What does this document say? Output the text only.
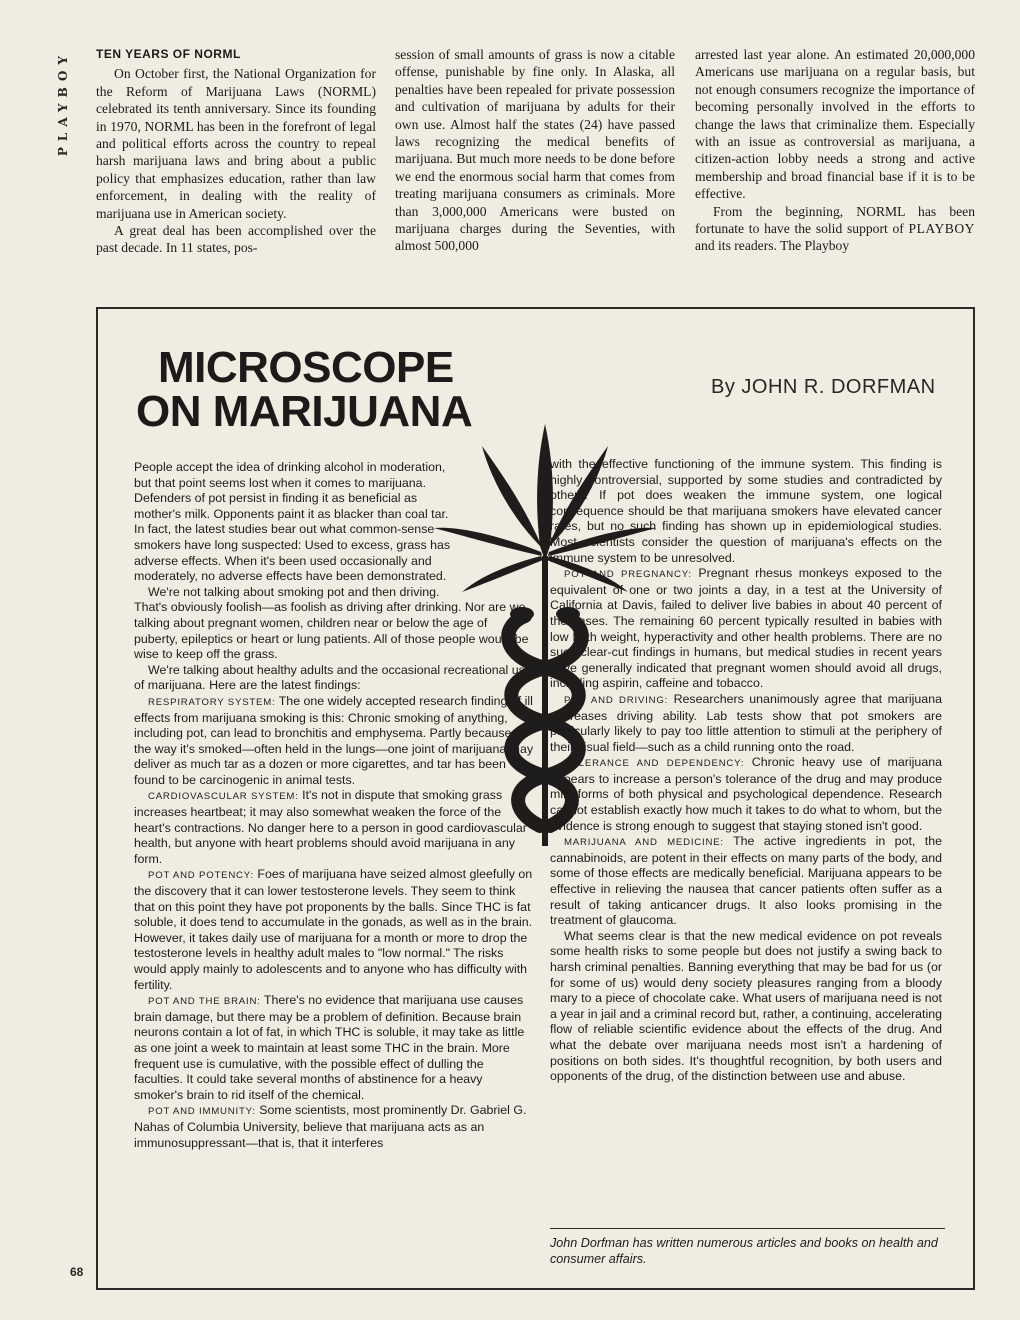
PLAYBOY TEN YEARS OF NORML

On October first, the National Organization for the Reform of Marijuana Laws (NORML) celebrated its tenth anniversary. Since its founding in 1970, NORML has been in the forefront of legal and political efforts across the country to repeal harsh marijuana laws and bring about a public policy that emphasizes education, rather than law enforcement, in dealing with the reality of marijuana use in American society.

A great deal has been accomplished over the past decade. In 11 states, pos-

session of small amounts of grass is now a citable offense, punishable by fine only. In Alaska, all penalties have been repealed for private possession and cultivation of marijuana by adults for their own use. Almost half the states (24) have passed laws recognizing the medical benefits of marijuana. But much more needs to be done before we end the enormous social harm that comes from treating marijuana consumers as criminals. More than 3,000,000 Americans were busted on marijuana charges during the Seventies, with almost 500,000

arrested last year alone. An estimated 20,000,000 Americans use marijuana on a regular basis, but not enough consumers recognize the importance of becoming personally involved in the efforts to change the laws that criminalize them. Especially with an issue as controversial as marijuana, a citizen-action lobby needs a strong and active membership and broad financial base if it is to be effective.

From the beginning, NORML has been fortunate to have the solid support of PLAYBOY and its readers. The Playboy

MICROSCOPE
ON MARIJUANA	By JOHN R. DORFMAN

People accept the idea of drinking alcohol in moderation, but that point seems lost when it comes to marijuana. Defenders of pot persist in finding it as beneficial as mother's milk. Opponents paint it as blacker than coal tar. In fact, the latest studies bear out what common-sense smokers have long suspected: Used to excess, grass has adverse effects. When it's been used occasionally and moderately, no adverse effects have been demonstrated.

We're not talking about smoking pot and then driving. That's obviously foolish—as foolish as driving after drinking. Nor are we talking about pregnant women, children near or below the age of puberty, epileptics or heart or lung patients. All of those people would be wise to keep off the grass.

We're talking about healthy adults and the occasional recreational use of marijuana. Here are the latest findings:

RESPIRATORY SYSTEM: The one widely accepted research finding of ill effects from marijuana smoking is this: Chronic smoking of anything, including pot, can lead to bronchitis and emphysema. Partly because of the way it's smoked—often held in the lungs—one joint of marijuana may deliver as much tar as a dozen or more cigarettes, and tar has been found to be carcinogenic in animal tests.

CARDIOVASCULAR SYSTEM: It's not in dispute that smoking grass increases heartbeat; it may also somewhat weaken the force of the heart's contractions. No danger here to a person in good cardiovascular health, but anyone with heart problems should avoid marijuana in any form.

POT AND POTENCY: Foes of marijuana have seized almost gleefully on the discovery that it can lower testosterone levels. They seem to think that on this point they have pot proponents by the balls. Since THC is fat soluble, it does tend to accumulate in the gonads, as well as in the brain. However, it takes daily use of marijuana for a month or more to drop the testosterone levels in healthy adult males to "low normal." The risks would apply mainly to adolescents and to anyone who has difficulty with fertility.

POT AND THE BRAIN: There's no evidence that marijuana use causes brain damage, but there may be a problem of definition. Because brain neurons contain a lot of fat, in which THC is soluble, it may take as little as one joint a week to maintain at least some THC in the brain. More frequent use is cumulative, with the possible effect of dulling the faculties. It could take several months of abstinence for a heavy smoker's brain to rid itself of the chemical.

POT AND IMMUNITY: Some scientists, most prominently Dr. Gabriel G. Nahas of Columbia University, believe that marijuana acts as an immunosuppressant—that is, that it interferes

with the effective functioning of the immune system. This finding is highly controversial, supported by some studies and contradicted by others. If pot does weaken the immune system, one logical consequence should be that marijuana smokers have elevated cancer rates, but no such finding has shown up in epidemiological studies. Most scientists consider the question of marijuana's effects on the immune system to be unresolved.

POT AND PREGNANCY: Pregnant rhesus monkeys exposed to the equivalent of one or two joints a day, in a test at the University of California at Davis, failed to deliver live babies in about 40 percent of the cases. The remaining 60 percent typically resulted in babies with low birth weight, hyperactivity and other health problems. There are no such clear-cut findings in humans, but medical studies in recent years have generally indicated that pregnant women should avoid all drugs, including aspirin, caffeine and tobacco.

POT AND DRIVING: Researchers unanimously agree that marijuana decreases driving ability. Lab tests show that pot smokers are particularly likely to pay too little attention to stimuli at the periphery of their visual field—such as a child running onto the road.

TOLERANCE AND DEPENDENCY: Chronic heavy use of marijuana appears to increase a person's tolerance of the drug and may produce mild forms of both physical and psychological dependence. Research cannot establish exactly how much it takes to do what to whom, but the evidence is strong enough to suggest that staying stoned isn't good.

MARIJUANA AND MEDICINE: The active ingredients in pot, the cannabinoids, are potent in their effects on many parts of the body, and some of those effects are medically beneficial. Marijuana appears to be effective in relieving the nausea that cancer patients often suffer as a result of taking anticancer drugs. It also looks promising in the treatment of glaucoma.

What seems clear is that the new medical evidence on pot reveals some health risks to some people but does not justify a swing back to harsh criminal penalties. Banning everything that may be bad for us (or for some of us) would deny society pleasures ranging from a bloody mary to a piece of chocolate cake. What users of marijuana need is not a year in jail and a criminal record but, rather, a continuing, accelerating flow of reliable scientific evidence about the effects of the drug. And what the debate over marijuana needs most isn't a hardening of positions on both sides. It's thoughtful recognition, by both users and opponents of the drug, of the distinction between use and abuse.

John Dorfman has written numerous articles and books on health and consumer affairs.
68
